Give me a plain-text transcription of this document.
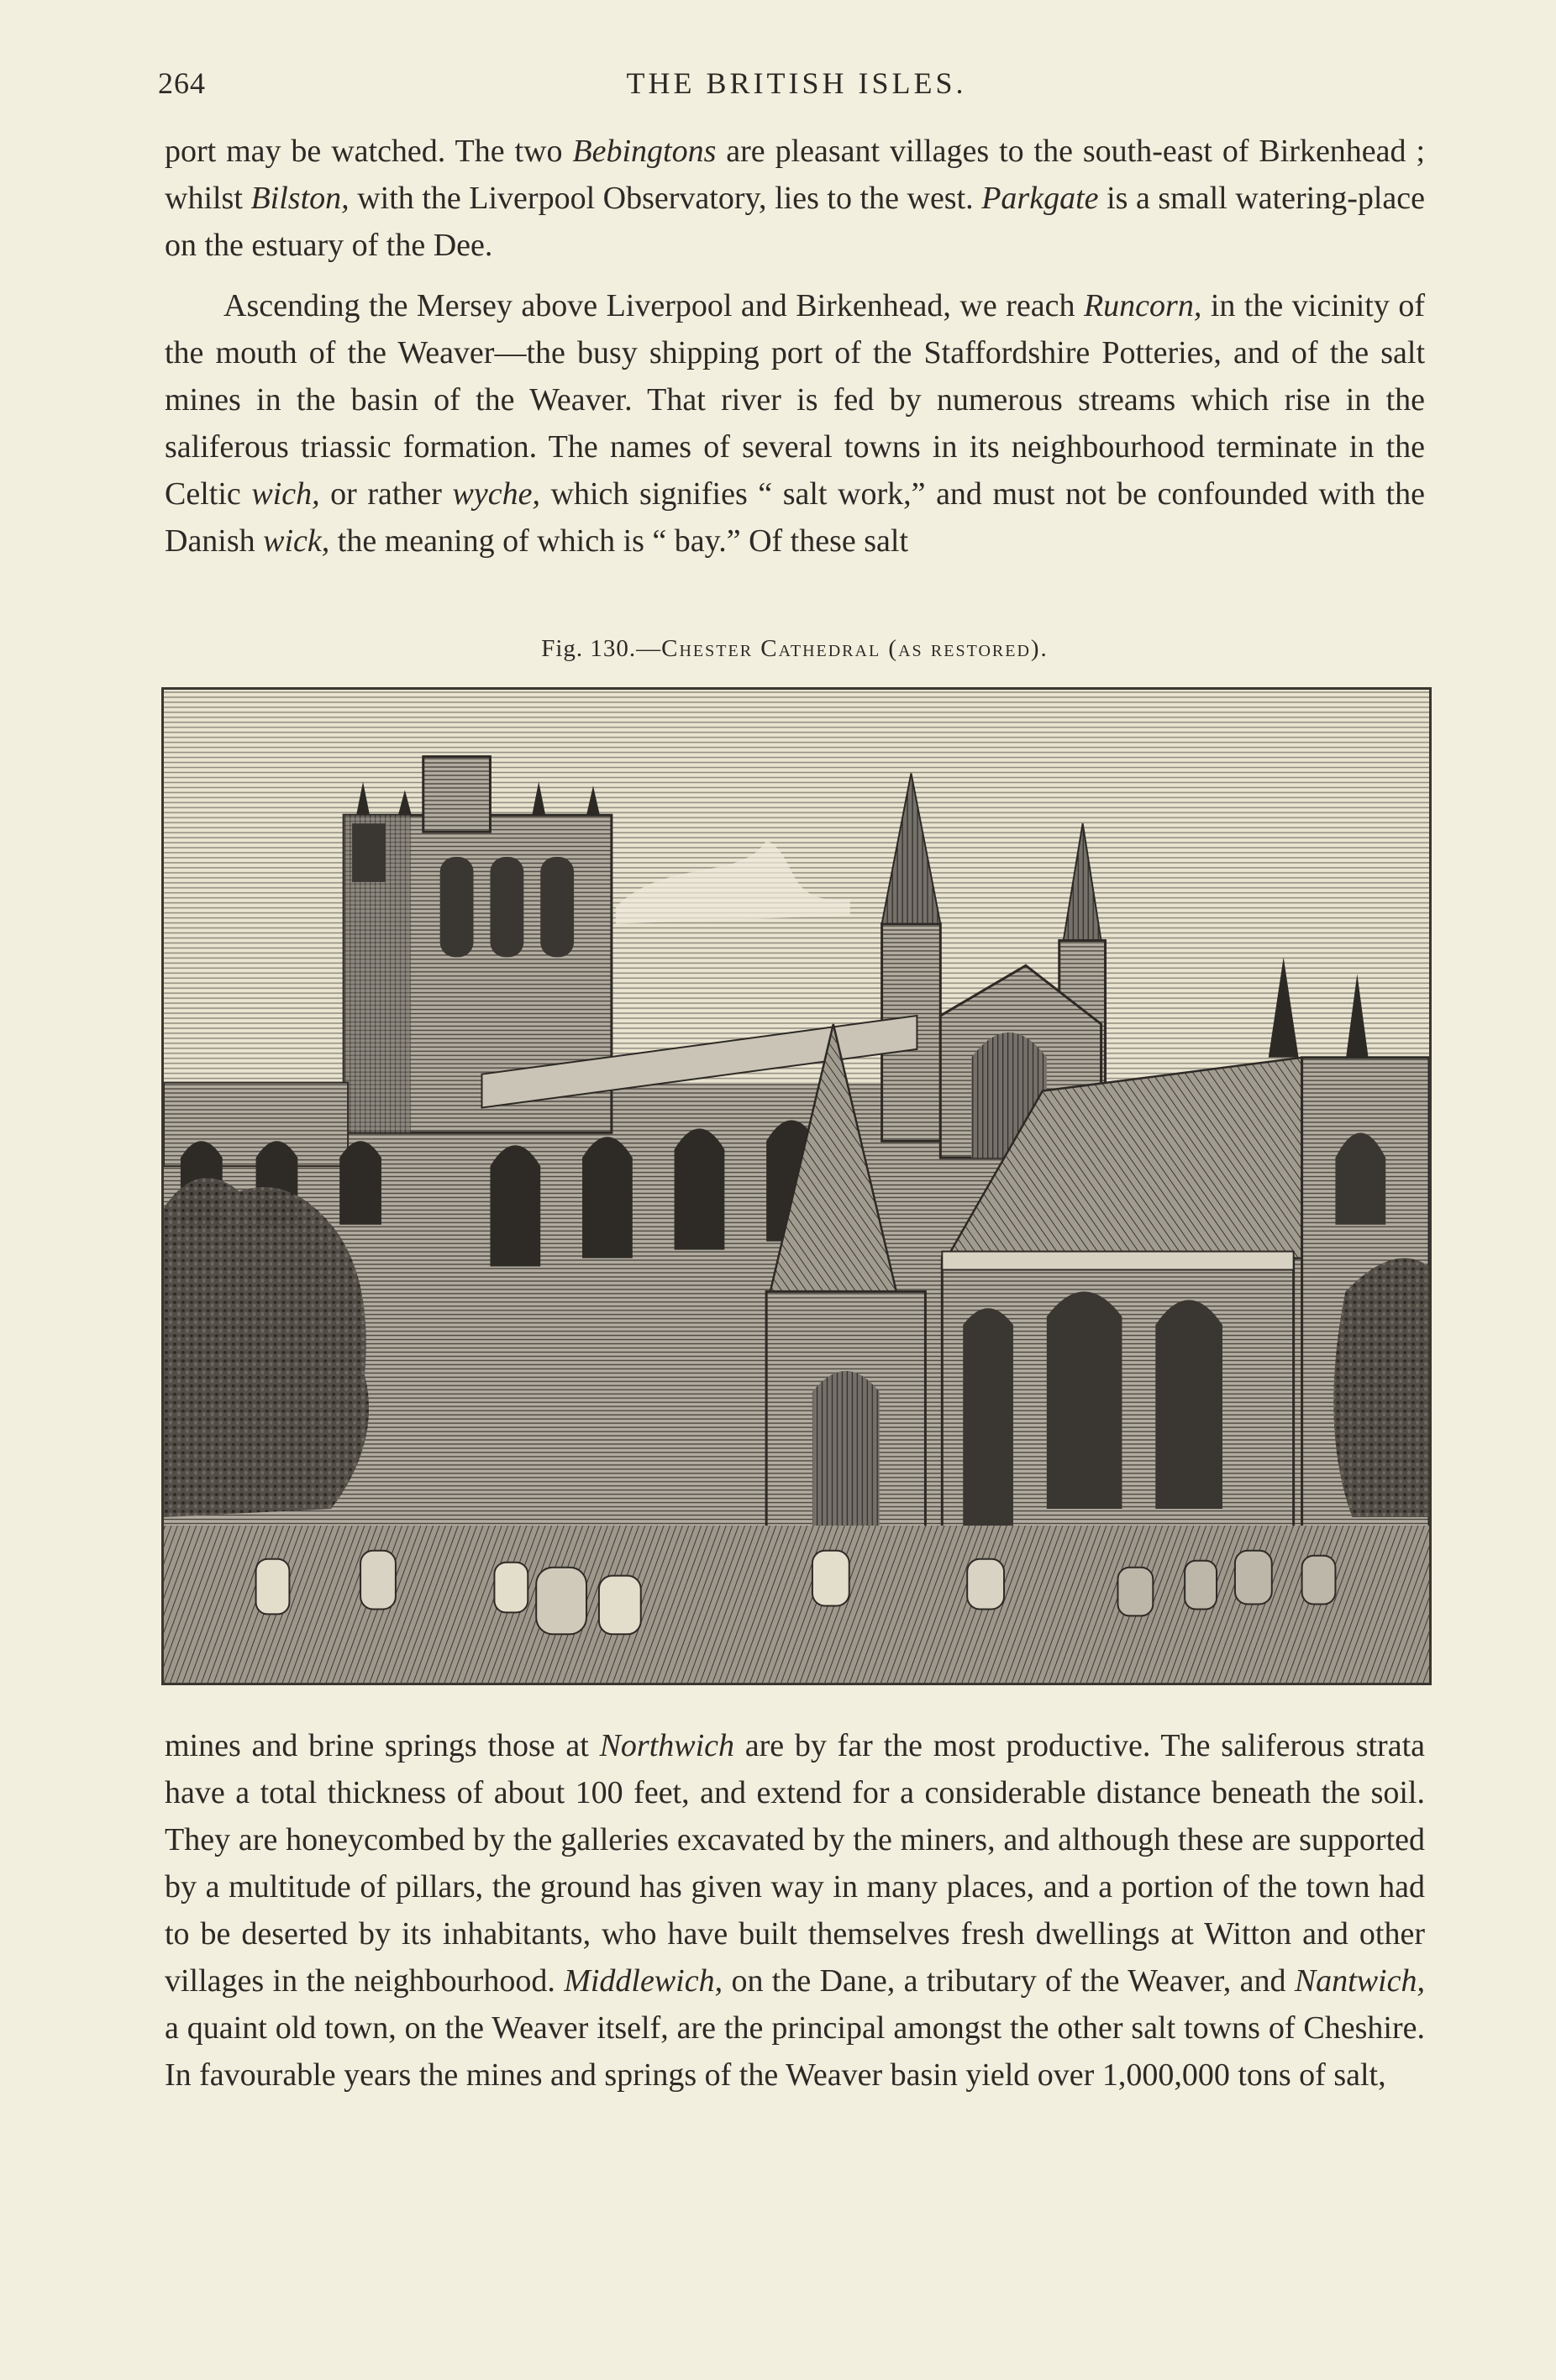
264	THE BRITISH ISLES.

port may be watched. The two Bebingtons are pleasant villages to the south-east of Birkenhead ; whilst Bilston, with the Liverpool Observatory, lies to the west. Parkgate is a small watering-place on the estuary of the Dee.

Ascending the Mersey above Liverpool and Birkenhead, we reach Runcorn, in the vicinity of the mouth of the Weaver—the busy shipping port of the Staffordshire Potteries, and of the salt mines in the basin of the Weaver. That river is fed by numerous streams which rise in the saliferous triassic formation. The names of several towns in its neighbourhood terminate in the Celtic wich, or rather wyche, which signifies “ salt work,” and must not be confounded with the Danish wick, the meaning of which is “ bay.” Of these salt

Fig. 130.—Chester Cathedral (as restored).

mines and brine springs those at Northwich are by far the most productive. The saliferous strata have a total thickness of about 100 feet, and extend for a considerable distance beneath the soil. They are honeycombed by the galleries excavated by the miners, and although these are supported by a multitude of pillars, the ground has given way in many places, and a portion of the town had to be deserted by its inhabitants, who have built themselves fresh dwellings at Witton and other villages in the neighbourhood. Middlewich, on the Dane, a tributary of the Weaver, and Nantwich, a quaint old town, on the Weaver itself, are the principal amongst the other salt towns of Cheshire. In favourable years the mines and springs of the Weaver basin yield over 1,000,000 tons of salt,
